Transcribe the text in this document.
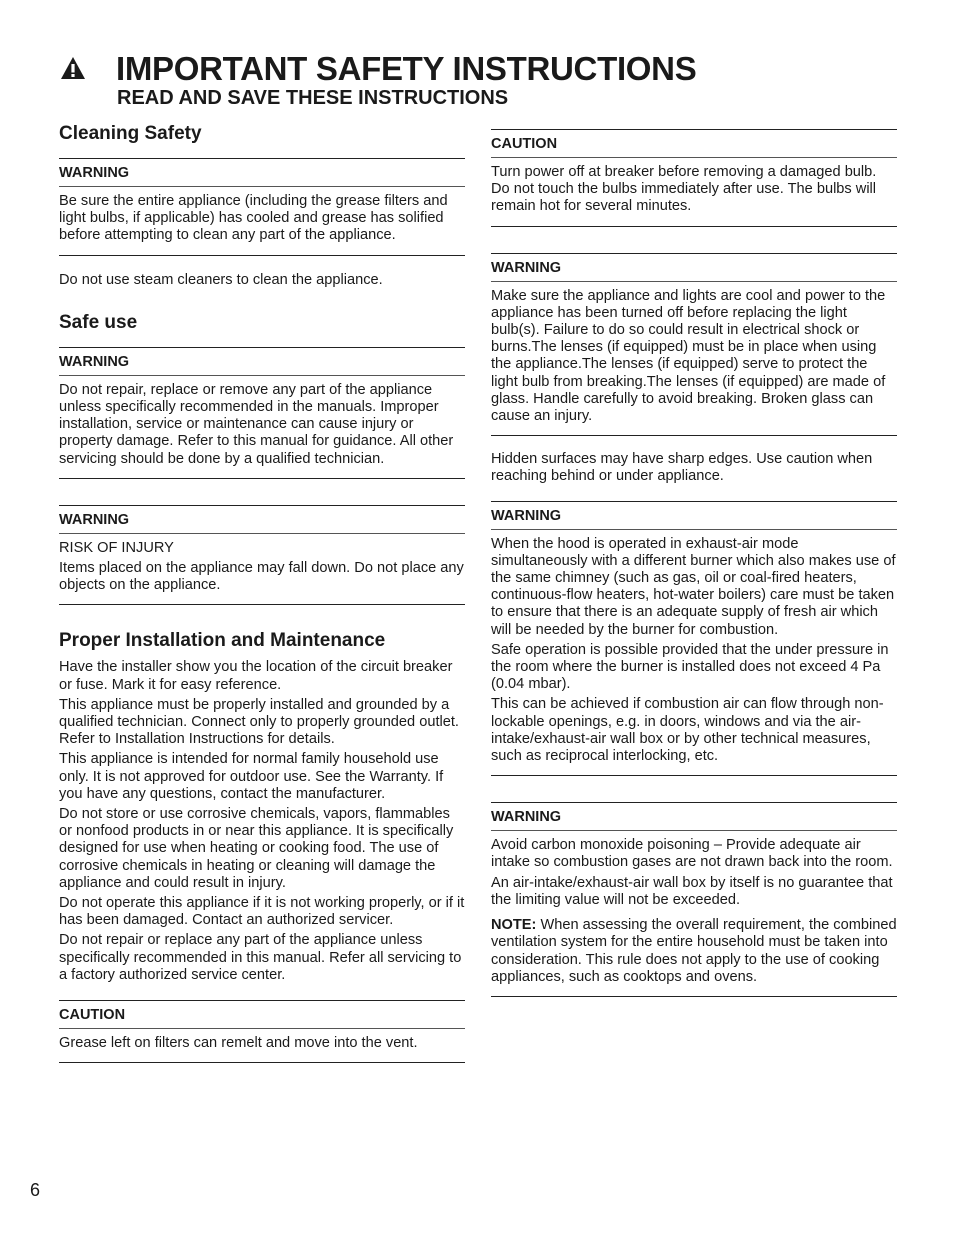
IMPORTANT SAFETY INSTRUCTIONS
READ AND SAVE THESE INSTRUCTIONS
Cleaning Safety
WARNING

Be sure the entire appliance (including the grease filters and light bulbs, if applicable) has cooled and grease has solified before attempting to clean any part of the appliance.

Do not use steam cleaners to clean the appliance.

Safe use
WARNING

Do not repair, replace or remove any part of the appliance unless specifically recommended in the manuals. Improper installation, service or maintenance can cause injury or property damage. Refer to this manual for guidance. All other servicing should be done by a qualified technician.

WARNING

RISK OF INJURY

Items placed on the appliance may fall down. Do not place any objects on the appliance.

Proper Installation and Maintenance

Have the installer show you the location of the circuit breaker or fuse. Mark it for easy reference.

This appliance must be properly installed and grounded by a qualified technician. Connect only to properly grounded outlet. Refer to Installation Instructions for details.

This appliance is intended for normal family household use only. It is not approved for outdoor use. See the Warranty. If you have any questions, contact the manufacturer.

Do not store or use corrosive chemicals, vapors, flammables or nonfood products in or near this appliance. It is specifically designed for use when heating or cooking food. The use of corrosive chemicals in heating or cleaning will damage the appliance and could result in injury.

Do not operate this appliance if it is not working properly, or if it has been damaged. Contact an authorized servicer.

Do not repair or replace any part of the appliance unless specifically recommended in this manual. Refer all servicing to a factory authorized service center.

CAUTION

Grease left on filters can remelt and move into the vent.

CAUTION

Turn power off at breaker before removing a damaged bulb. Do not touch the bulbs immediately after use. The bulbs will remain hot for several minutes.

WARNING

Make sure the appliance and lights are cool and power to the appliance has been turned off before replacing the light bulb(s). Failure to do so could result in electrical shock or burns.The lenses (if equipped) must be in place when using the appliance.The lenses (if equipped) serve to protect the light bulb from breaking.The lenses (if equipped) are made of glass. Handle carefully to avoid breaking. Broken glass can cause an injury.

Hidden surfaces may have sharp edges. Use caution when reaching behind or under appliance.

WARNING

When the hood is operated in exhaust-air mode simultaneously with a different burner which also makes use of the same chimney (such as gas, oil or coal-fired heaters, continuous-flow heaters, hot-water boilers) care must be taken to ensure that there is an adequate supply of fresh air which will be needed by the burner for combustion.

Safe operation is possible provided that the under pressure in the room where the burner is installed does not exceed 4 Pa (0.04 mbar).

This can be achieved if combustion air can flow through non-lockable openings, e.g. in doors, windows and via the air-intake/exhaust-air wall box or by other technical measures, such as reciprocal interlocking, etc.

WARNING

Avoid carbon monoxide poisoning – Provide adequate air intake so combustion gases are not drawn back into the room.

An air-intake/exhaust-air wall box by itself is no guarantee that the limiting value will not be exceeded.

NOTE: When assessing the overall requirement, the combined ventilation system for the entire household must be taken into consideration. This rule does not apply to the use of cooking appliances, such as cooktops and ovens.

6
